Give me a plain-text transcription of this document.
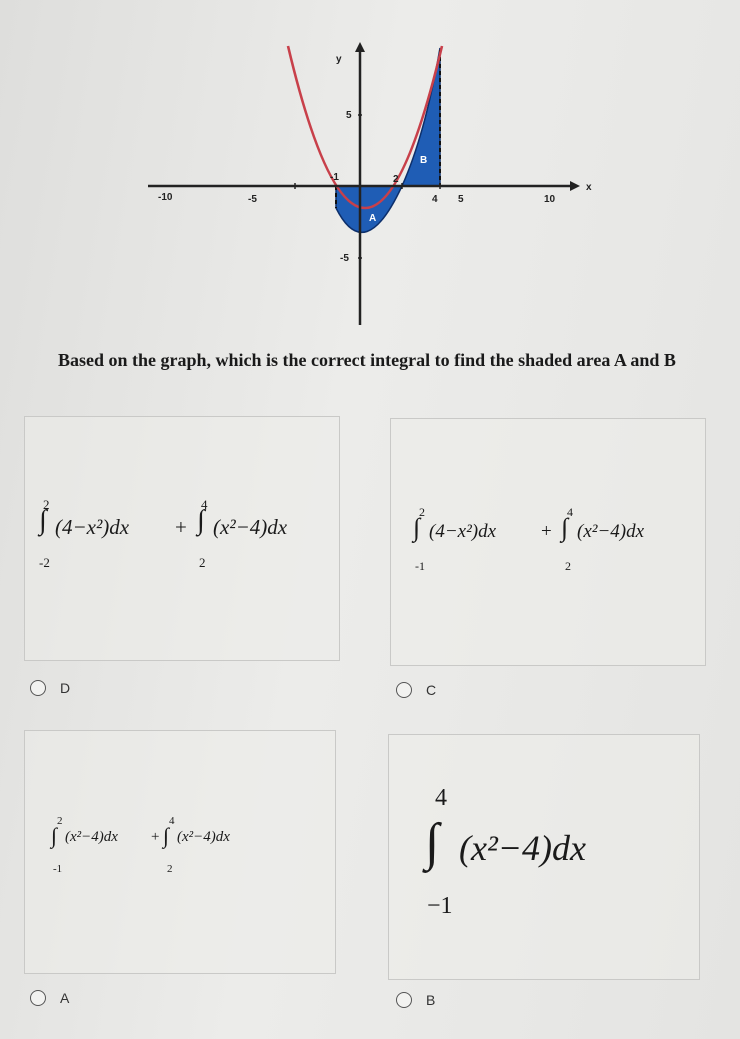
y
x
-10	-5	4 5	10
5
-5
-1	2
A
B
Based on the graph, which is the correct integral to find the shaded area A and B
2
∫
-2
(4−x²)dx +
4
∫
2
(x²−4)dx
D
2
∫
-1
(4−x²)dx +
4
∫
2
(x²−4)dx
C
2
∫
-1
(x²−4)dx +
4
∫
2
(x²−4)dx
A
4
∫
−1
(x²−4)dx
B
